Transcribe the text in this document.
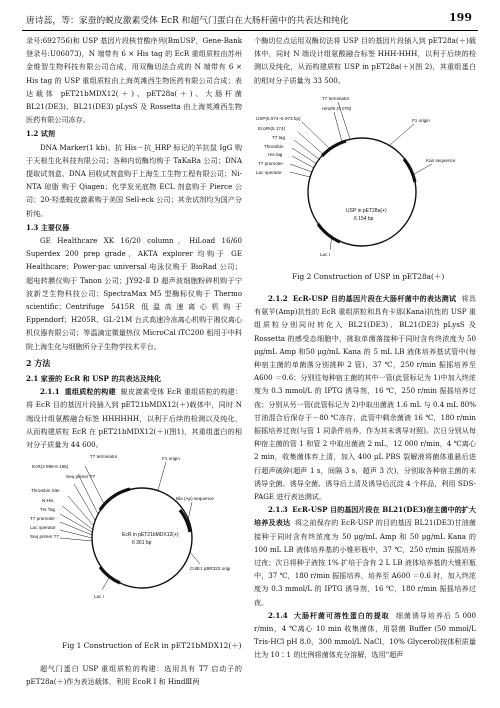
唐诗蕊，等：家蚕的蜕皮激素受体 EcR 和超气门蛋白在大肠杆菌中的共表达和纯化	199

录号:692756)和 USP 基因片段核苷酸序列(BmUSP，Gene-Bank 登录号:U06073)，N 端带有 6 × His tag 的 EcR 重组质粒由苏州金维智生物科技有限公司合成，用双酶切法合成的 N 端带有 6 × His tag 的 USP 重组质粒由上海英滩西生物医药有限公司合成；表达载体 pET21bMDX12(＋)、pET28a(＋)、大肠杆菌 BL21(DE3)、BL21(DE3) pLysS 及 Rossetta 由上海英滩西生物医药有限公司冻存。

1.2 试剂

DNA Marker(1 kb)、抗 His－抗_HRP 标记的羊抗鼠 IgG 购于天根生化科技有限公司；各种内切酶均购于 TaKaRa 公司；DNA 提取试剂盒、DNA 回收试剂盒购于上海生工生物工程有限公司；Ni-NTA 琼脂 购于 Qiagen；化学发光底物 ECL 剂盒购于 Pierce 公司；20-羟基蜕皮激素购于美国 Sell-eck 公司；其余试剂均为国产分析纯。

1.3 主要仪器

GE Healthcare XK 16/20 column，HiLoad 16/60 Superdex 200 prep grade，AKTA explorer 均购于 GE Healthcare；Power-pac universal 电泳仪购于 BioRad 公司；超电转膜仪购于 Tanon 公司；JY92-Ⅱ D 超声波细胞粉碎机购于宁波新芝生物科技公司；SpectraMax M5 型酶标仪购于 Thermo scientific；Centrifuge 5415R 低温高速离心机购于 Eppendorf；H205R、GL-21M 台式高速冷冻离心机购于湘仪离心机仪器有限公司；等温滴定微量热仪 MicroCal iTC200 租用于中科院上海生化与细胞所分子生物学技术平台。

2 方法

2.1 家蚕的 EcR 和 USP 的共表达及纯化

2.1.1 重组质粒的构建 蜕皮激素受体 EcR 重组质粒的构建：将 EcR 目的基因片段插入到 pET21bMDX12(＋)载体中，同时 N 端设计组氨酸融合标签 HHHHHH，以利于后续的检测以及纯化，从而构建质粒 EcR 在 pET21bMDX12(＋)(图1)，其重组蛋白的相对分子质量为 44 600。

T7 terminator
EcR(4 996-6 195)
Seq primer T7
Thrombin Site
N-His
Trs Tag
T7 promoter
Lac operator
Seq primer T7
F1 origin
Bla (Ap) sequence
ColE1 pBR322 origi
Lac I
EcR in pET21bMDX12(+)
6 361 bp
Fig 1 Construction of EcR in pET21bMDX12(＋)

超气门蛋白 USP 重组质粒的构建：选用具有 T7 启动子的 pET28a(＋)作为表达载体，利用 EcoR Ⅰ 和 HindⅢ两

个酶切位点运用双酶切法将 USP 目的基因片段插入到 pET28a(＋)载体中，同时 N 端设计组氨酸融合标签 HHH-HHH，以利于后续的检测以及纯化，从而构建质粒 USP in pET28a(＋)(图 2)，其重组蛋白的相对分子质量为 33 500。

T7 terminator
HindIII (5 079)
USP(5 074~5 973 bp)
EcoRI(5 174)
T7 tag
Thrombin
His tag
T7 promoter
Lac operator
F1 origin
Kan sequence
Lac I
USP in pET28a(+)
6 154 bp
Fig 2 Construction of USP in pET28a(＋)

2.1.2 EcR-USP 目的基因片段在大肠杆菌中的表达测试 将具有氨苄(Amp)抗性的 EcR 重组质粒和具有卡那(Kana)抗性的 USP 重组质粒分别同时转化入 BL21(DE3)、BL21(DE3) pLysS 及 Rossetta 的感受态细胞中，挑取单菌落接种于同时含有终浓度为 50 μg/mL Amp 和50 μg/mL Kana 的 5 mL LB 液体培养基试管中(每种宿主菌的单菌落分别挑种 2 管)，37 ℃，250 r/min 振摇培养至 A600 ＝0.6；分别往每种宿主菌的其中一管(此管标记为 1)中加入终浓度为 0.3 mmol/L 的 IPTG 诱导剂，16 ℃，250 r/min 振摇培养过夜；分别从另一管(此管标记为 2)中取出菌液 1.6 mL 与 0.4 mL 80% 甘油混合后保存于－80 ℃冻存，此管中剩余菌液 16 ℃，180 r/min 振摇培养过夜(与管 1 同条件培养，作为其未诱导对照)。次日分别从每种宿主菌的管 1 和管 2 中取出菌液 2 mL，12 000 r/min，4 ℃离心 2 min，收集菌体弃上清，加入 400 μL PBS 裂解液将菌体重悬后进行超声破碎(超声 1 s，间隔 3 s，超声 3 次)，分别取各种宿主菌的未诱导全菌、诱导全菌、诱导后上清及诱导后沉淀 4 个样品，利用 SDS-PAGE 进行表达测试。

2.1.3 EcR-USP 目的基因片段在 BL21(DE3)宿主菌中的扩大培养及表达 将之前保存的 EcR-USP 的目的基因 BL21(DE3)甘油菌接种于同时含有终浓度为 50 μg/mL Amp 和 50 μg/mL Kana 的 100 mL LB 液体培养基的小锥形瓶中，37 ℃，250 r/min 振摇培养过夜；次日将种子液按 1% 扩培于含有 2 L LB 液体培养基的大锥形瓶中，37 ℃，180 r/min 振摇培养，培养至 A600 ＝0.6 时，加入终浓度为 0.3 mmol/L 的 IPTG 诱导剂，16 ℃，180 r/min 振摇培养过夜。

2.1.4 大肠杆菌可溶性蛋白的提取 细菌诱导培养后 5 000 r/min，4 ℃离心 10 min 收集菌体，用裂菌 Buffer (50 mmol/L Tris-HCl pH 8.0，300 mmol/L NaCl，10% Glycerol)按体积质量比为 10∶1 的比例将菌体充分溶解，选用“超声
